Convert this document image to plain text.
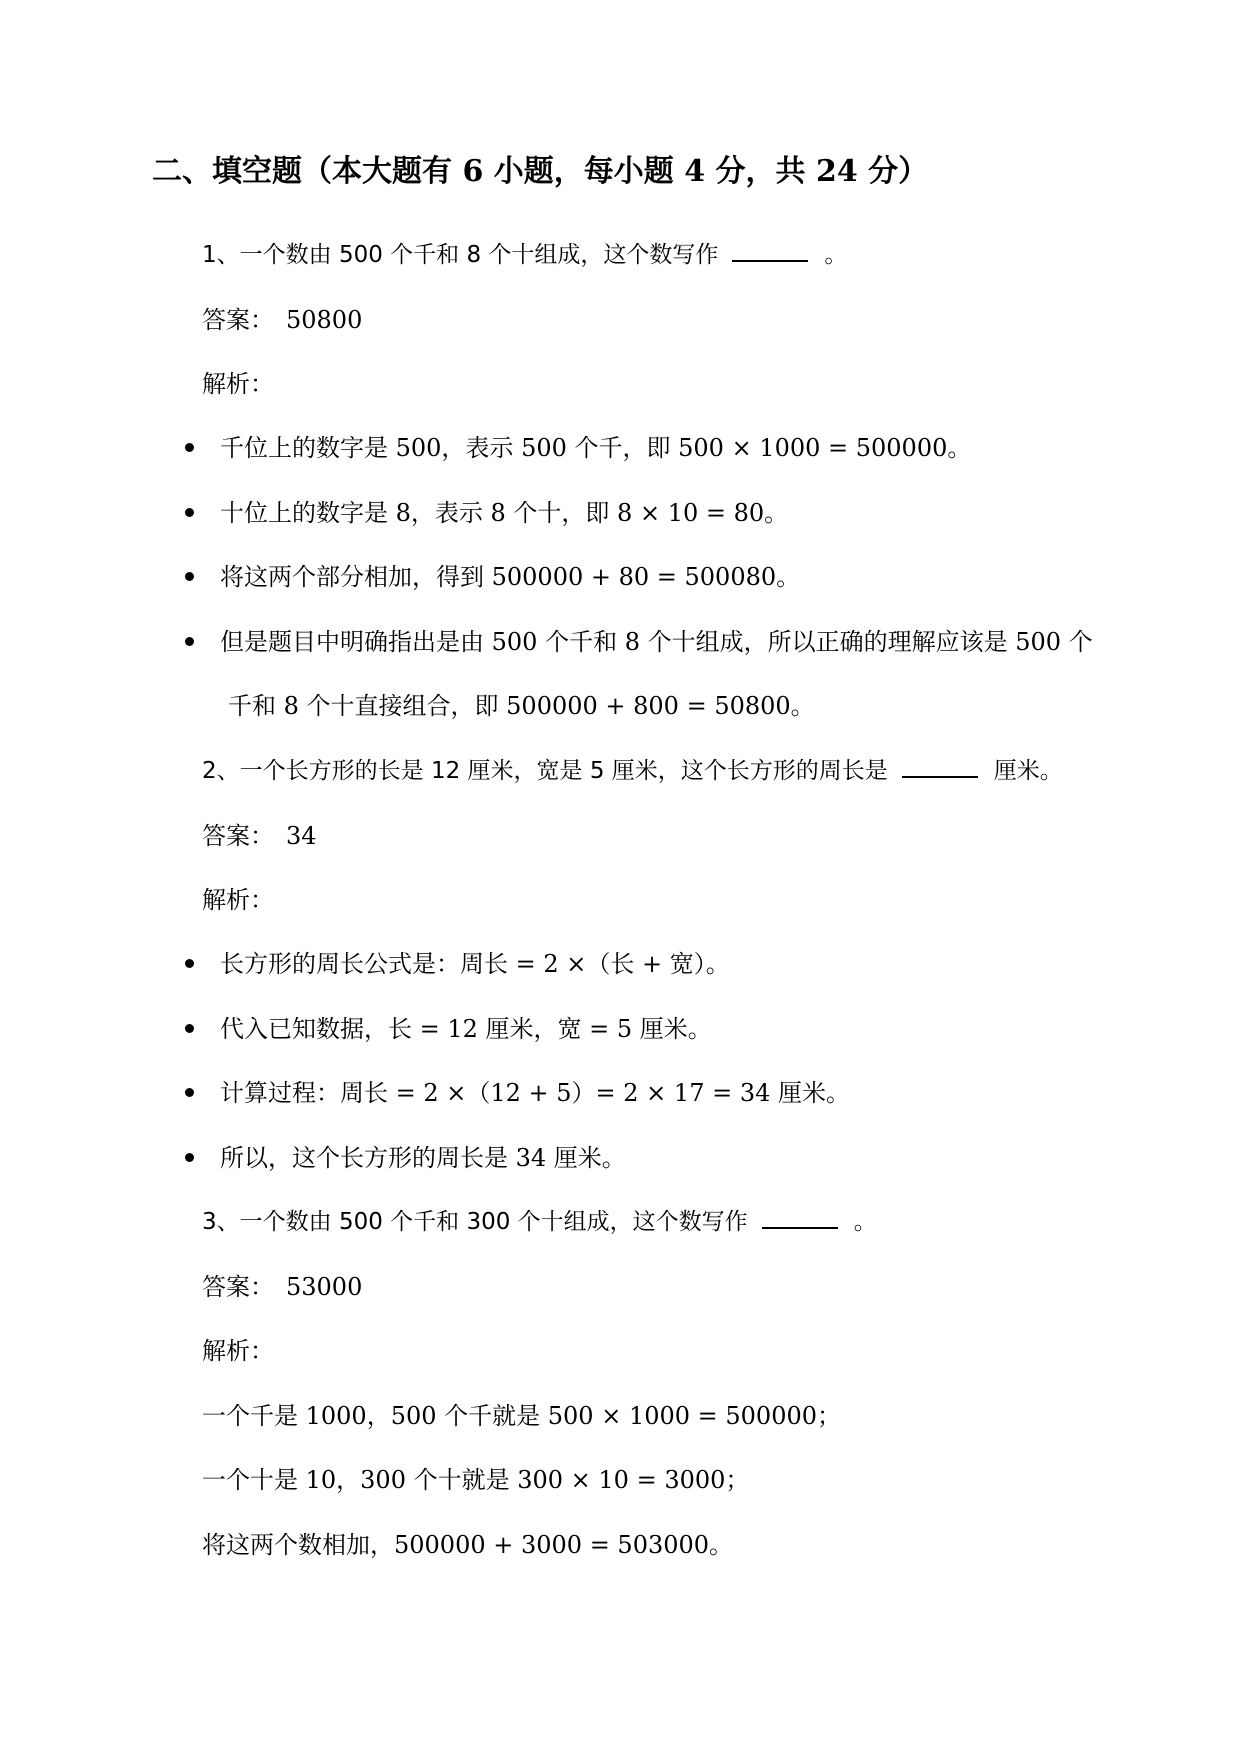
二、填空题（本大题有 6 小题，每小题 4 分，共 24 分）
1、一个数由 500 个千和 8 个十组成，这个数写作	。
答案：　50800
解析：
千位上的数字是 500，表示 500 个千，即 500 × 1000 = 500000。
十位上的数字是 8，表示 8 个十，即 8 × 10 = 80。
将这两个部分相加，得到 500000 + 80 = 500080。
但是题目中明确指出是由 500 个千和 8 个十组成，所以正确的理解应该是 500 个
千和 8 个十直接组合，即 500000 + 800 = 50800。
2、一个长方形的长是 12 厘米，宽是 5 厘米，这个长方形的周长是	厘米。
答案：　34
解析：
长方形的周长公式是：周长 = 2 ×（长 + 宽）。
代入已知数据，长 = 12 厘米，宽 = 5 厘米。
计算过程：周长 = 2 ×（12 + 5）= 2 × 17 = 34 厘米。
所以，这个长方形的周长是 34 厘米。
3、一个数由 500 个千和 300 个十组成，这个数写作	。
答案：　53000
解析：
一个千是 1000，500 个千就是 500 × 1000 = 500000；
一个十是 10，300 个十就是 300 × 10 = 3000；
将这两个数相加，500000 + 3000 = 503000。
